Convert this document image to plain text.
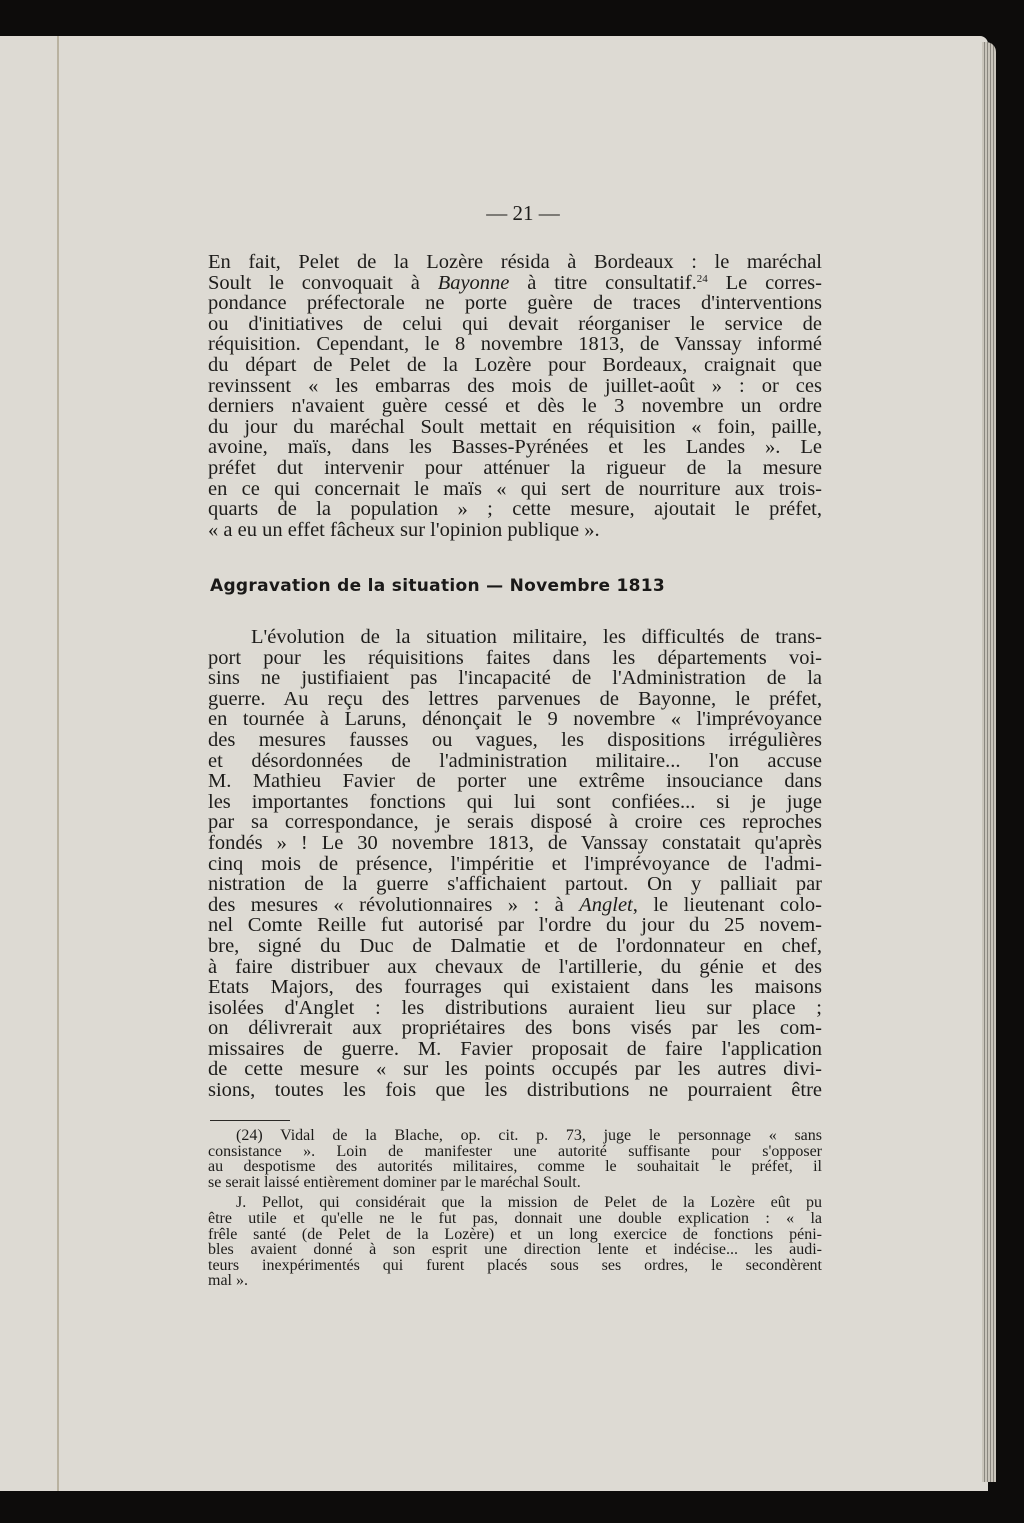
— 21 —
En fait, Pelet de la Lozère résida à Bordeaux : le maréchal
Soult le convoquait à Bayonne à titre consultatif.$^{24}$ Le corres-
pondance préfectorale ne porte guère de traces d'interventions
ou d'initiatives de celui qui devait réorganiser le service de
réquisition. Cependant, le 8 novembre 1813, de Vanssay informé
du départ de Pelet de la Lozère pour Bordeaux, craignait que
revinssent « les embarras des mois de juillet-août » : or ces
derniers n'avaient guère cessé et dès le 3 novembre un ordre
du jour du maréchal Soult mettait en réquisition « foin, paille,
avoine, maïs, dans les Basses-Pyrénées et les Landes ». Le
préfet dut intervenir pour atténuer la rigueur de la mesure
en ce qui concernait le maïs « qui sert de nourriture aux trois-
quarts de la population » ; cette mesure, ajoutait le préfet,
« a eu un effet fâcheux sur l'opinion publique ».
Aggravation de la situation — Novembre 1813
L'évolution de la situation militaire, les difficultés de trans-
port pour les réquisitions faites dans les départements voi-
sins ne justifiaient pas l'incapacité de l'Administration de la
guerre. Au reçu des lettres parvenues de Bayonne, le préfet,
en tournée à Laruns, dénonçait le 9 novembre « l'imprévoyance
des mesures fausses ou vagues, les dispositions irrégulières
et désordonnées de l'administration militaire... l'on accuse
M. Mathieu Favier de porter une extrême insouciance dans
les importantes fonctions qui lui sont confiées... si je juge
par sa correspondance, je serais disposé à croire ces reproches
fondés » ! Le 30 novembre 1813, de Vanssay constatait qu'après
cinq mois de présence, l'impéritie et l'imprévoyance de l'admi-
nistration de la guerre s'affichaient partout. On y palliait par
des mesures « révolutionnaires » : à Anglet, le lieutenant colo-
nel Comte Reille fut autorisé par l'ordre du jour du 25 novem-
bre, signé du Duc de Dalmatie et de l'ordonnateur en chef,
à faire distribuer aux chevaux de l'artillerie, du génie et des
Etats Majors, des fourrages qui existaient dans les maisons
isolées d'Anglet : les distributions auraient lieu sur place ;
on délivrerait aux propriétaires des bons visés par les com-
missaires de guerre. M. Favier proposait de faire l'application
de cette mesure « sur les points occupés par les autres divi-
sions, toutes les fois que les distributions ne pourraient être
(24) Vidal de la Blache, op. cit. p. 73, juge le personnage « sans
consistance ». Loin de manifester une autorité suffisante pour s'opposer
au despotisme des autorités militaires, comme le souhaitait le préfet, il
se serait laissé entièrement dominer par le maréchal Soult.
J. Pellot, qui considérait que la mission de Pelet de la Lozère eût pu
être utile et qu'elle ne le fut pas, donnait une double explication : « la
frêle santé (de Pelet de la Lozère) et un long exercice de fonctions péni-
bles avaient donné à son esprit une direction lente et indécise... les audi-
teurs inexpérimentés qui furent placés sous ses ordres, le secondèrent
mal ».
